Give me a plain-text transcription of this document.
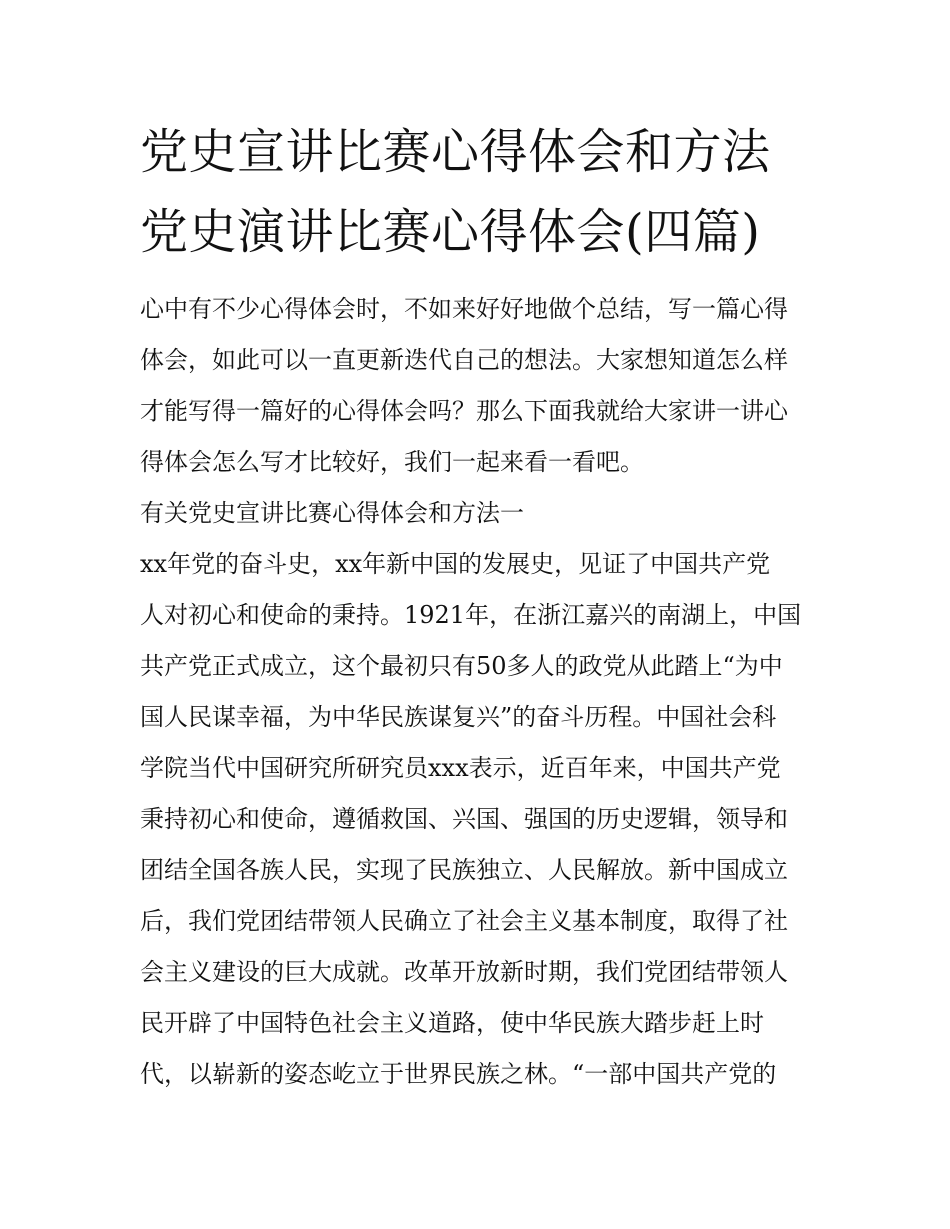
党史宣讲比赛心得体会和方法
党史演讲比赛心得体会(四篇)
心中有不少心得体会时，不如来好好地做个总结，写一篇心得
体会，如此可以一直更新迭代自己的想法。大家想知道怎么样
才能写得一篇好的心得体会吗？那么下面我就给大家讲一讲心
得体会怎么写才比较好，我们一起来看一看吧。
有关党史宣讲比赛心得体会和方法一
xx年党的奋斗史，xx年新中国的发展史，见证了中国共产党
人对初心和使命的秉持。1921年，在浙江嘉兴的南湖上，中国
共产党正式成立，这个最初只有50多人的政党从此踏上“为中
国人民谋幸福，为中华民族谋复兴”的奋斗历程。中国社会科
学院当代中国研究所研究员xxx表示，近百年来，中国共产党
秉持初心和使命，遵循救国、兴国、强国的历史逻辑，领导和
团结全国各族人民，实现了民族独立、人民解放。新中国成立
后，我们党团结带领人民确立了社会主义基本制度，取得了社
会主义建设的巨大成就。改革开放新时期，我们党团结带领人
民开辟了中国特色社会主义道路，使中华民族大踏步赶上时
代，以崭新的姿态屹立于世界民族之林。“一部中国共产党的
